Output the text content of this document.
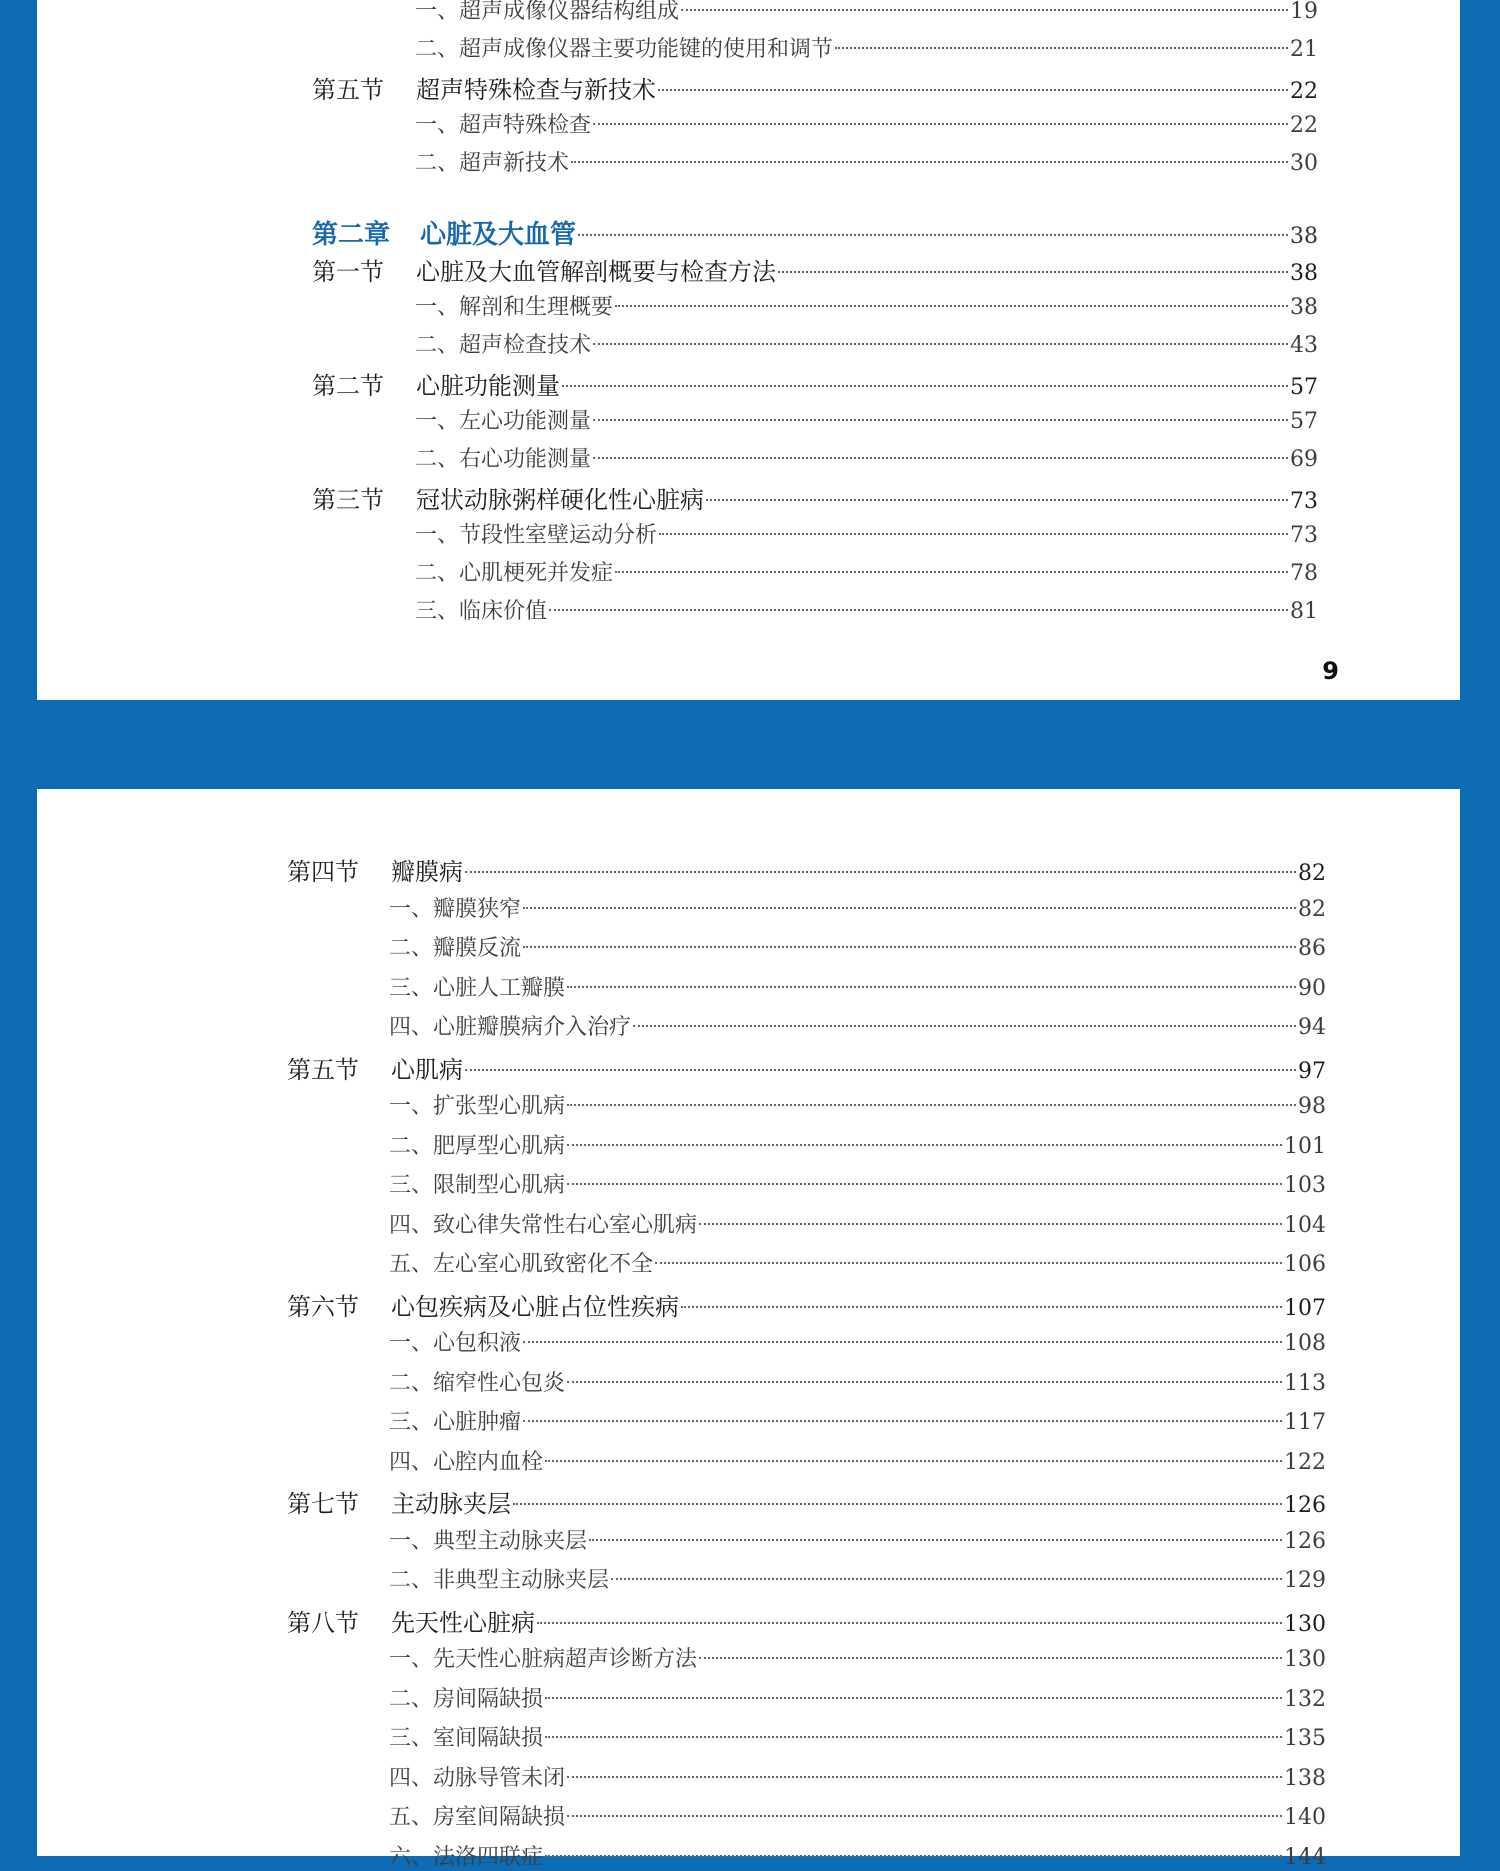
一、超声成像仪器结构组成	19
二、超声成像仪器主要功能键的使用和调节	21
第五节	超声特殊检查与新技术	22
一、超声特殊检查	22
二、超声新技术	30
第二章	心脏及大血管	38
第一节	心脏及大血管解剖概要与检查方法	38
一、解剖和生理概要	38
二、超声检查技术	43
第二节	心脏功能测量	57
一、左心功能测量	57
二、右心功能测量	69
第三节	冠状动脉粥样硬化性心脏病	73
一、节段性室壁运动分析	73
二、心肌梗死并发症	78
三、临床价值	81
9
第四节	瓣膜病	82
一、瓣膜狭窄	82
二、瓣膜反流	86
三、心脏人工瓣膜	90
四、心脏瓣膜病介入治疗	94
第五节	心肌病	97
一、扩张型心肌病	98
二、肥厚型心肌病	101
三、限制型心肌病	103
四、致心律失常性右心室心肌病	104
五、左心室心肌致密化不全	106
第六节	心包疾病及心脏占位性疾病	107
一、心包积液	108
二、缩窄性心包炎	113
三、心脏肿瘤	117
四、心腔内血栓	122
第七节	主动脉夹层	126
一、典型主动脉夹层	126
二、非典型主动脉夹层	129
第八节	先天性心脏病	130
一、先天性心脏病超声诊断方法	130
二、房间隔缺损	132
三、室间隔缺损	135
四、动脉导管未闭	138
五、房室间隔缺损	140
六、法洛四联症	144
